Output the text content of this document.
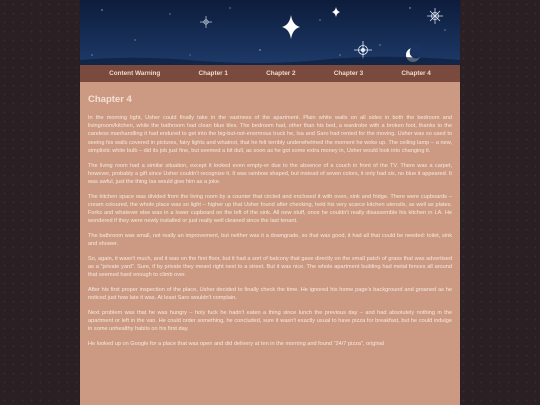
Content Warning	Chapter 1	Chapter 2	Chapter 3	Chapter 4
Chapter 4

In the morning light, Usher could finally take in the vastness of the apartment. Plain white walls on all sides in both the bedroom and livingroom/kitchen, while the bathroom had clean blue tiles. The bedroom had, other than his bed, a wardrobe with a broken foot, thanks to the careless manhandling it had endured to get into the big-but-not-enormous truck he, Isa and Saro had rented for the moving. Usher was so used to seeing his walls covered in pictures, fairy lights and whatnot, that he felt terribly underwhelmed the moment he woke up. The ceiling lamp – a new, simplistic white bulb – did its job just fine, but seemed a bit dull, as soon as he got some extra money in, Usher would look into changing it.

The living room had a similar situation, except it looked even empty-er due to the absence of a couch in front of the TV. There was a carpet, however, probably a gift since Usher couldn't recognize it. It was rainbow shaped, but instead of seven colors, it only had six, no blue it appeared. It was awful, just the thing Isa would give him as a joke.

The kitchen space was divided from the living room by a counter that circled and enclosed it with oven, sink and fridge. There were cupboards – cream coloured, the whole place was so light – higher up that Usher found after checking, held his very scarce kitchen utensils, as well as plates. Forks and whatever else was in a lower cupboard on the left of the sink. All new stuff, once he couldn't really disassemble his kitchen in LA. He wondered if they were newly installed or just really well cleaned since the last tenant.

The bathroom was small, not really an improvement, but neither was it a downgrade, so that was good, it had all that could be needed: toilet, sink and shower.

So, again, it wasn't much, and it was on the first floor, but it had a sort of balcony that gave directly on the small patch of grass that was advertised as a “private yard”. Sure, if by private they meant right next to a street. But it was nice. The whole apartment building had metal fences all around that seemed hard enough to climb over.

After his first proper inspection of the place, Usher decided to finally check the time. He ignored his home page's background and groaned as he noticed just how late it was. At least Saro wouldn't complain.

Next problem was that he was hungry – holy fuck he hadn't eaten a thing since lunch the previous day – and had absolutely nothing in the apartment or left in the van. He could order something, he concluded, sure it wasn't exactly usual to have pizza for breakfast, but he could indulge in some unhealthy habits on his first day.

He looked up on Google for a place that was open and did delivery at ten in the morning and found “24/7 pizza”, original
